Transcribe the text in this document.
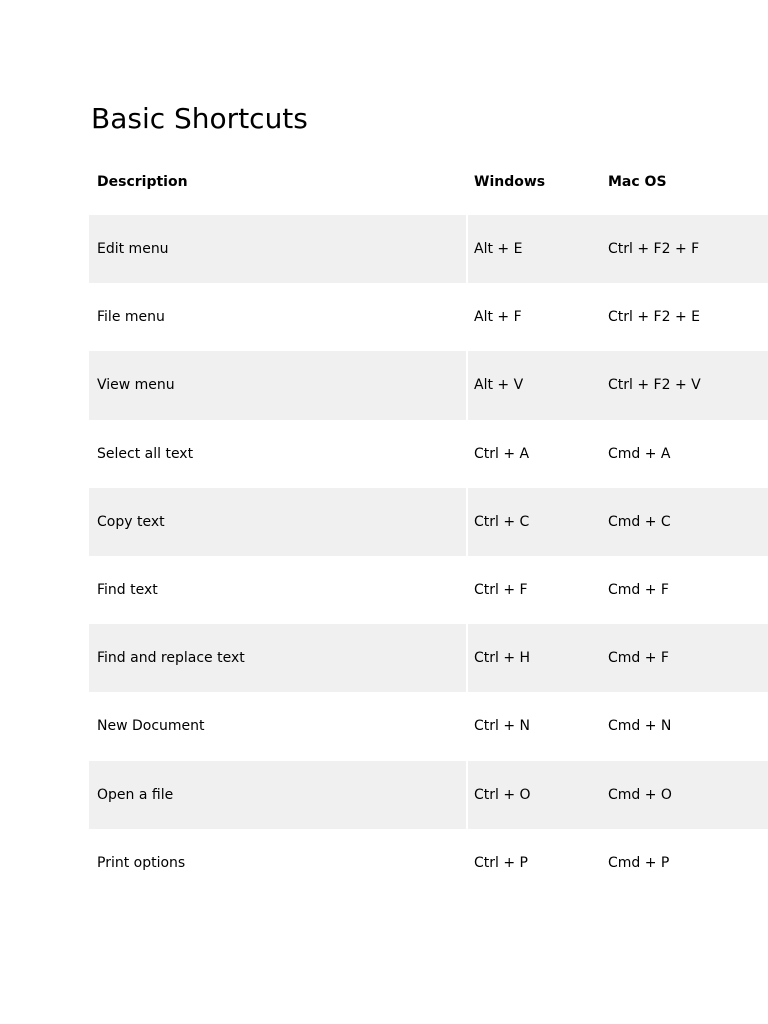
Basic Shortcuts
Description	Windows	Mac OS
Edit menu	Alt + E	Ctrl + F2 + F
File menu	Alt + F	Ctrl + F2 + E
View menu	Alt + V	Ctrl + F2 + V
Select all text	Ctrl + A	Cmd + A
Copy text	Ctrl + C	Cmd + C
Find text	Ctrl + F	Cmd + F
Find and replace text	Ctrl + H	Cmd + F
New Document	Ctrl + N	Cmd + N
Open a file	Ctrl + O	Cmd + O
Print options	Ctrl + P	Cmd + P
